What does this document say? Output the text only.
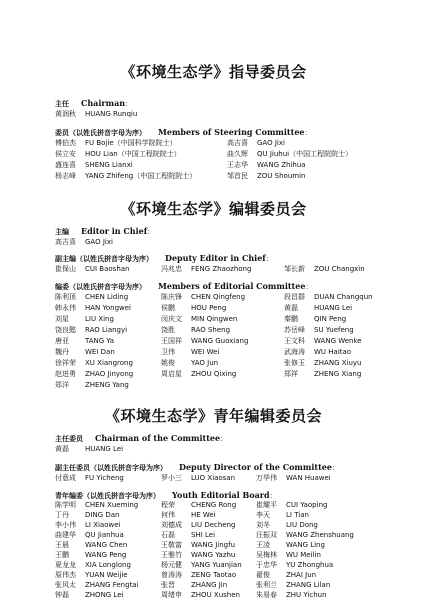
《环境生态学》指导委员会
主任 Chairman ：
黄润秋 HUANG Runqiu
委员（以姓氏拼音字母为序） Members of Steering Committee ：
傅伯杰 FU Bojie（中国科学院院士）	高吉喜 GAO Jixi
侯立安 HOU Lian（中国工程院院士）	曲久辉 QU Jiuhui（中国工程院院士）
盛连喜 SHENG Lianxi	王志华 WANG Zhihua
杨志峰 YANG Zhifeng（中国工程院院士）	邹首民 ZOU Shoumin
《环境生态学》编辑委员会
主编 Editor in Chief ：
高吉喜 GAO Jixi
副主编（以姓氏拼音字母为序） Deputy Editor in Chief ：
崔保山 CUI Baoshan	冯兆忠 FENG Zhaozhong	邹长新 ZOU Changxin
编委（以姓氏拼音字母为序） Members of Editorial Committee ：
陈利顶 CHEN Liding	陈庆锋 CHEN Qingfeng	段昌群 DUAN Changqun
韩永伟 HAN Yongwei	侯鹏 HOU Peng	黄磊 HUANG Lei
刘星 LIU Xing	闵庆文 MIN Qingwen	秦鹏 QIN Peng
饶良懿 RAO Liangyi	饶胜 RAO Sheng	苏岳峰 SU Yuefeng
唐亚 TANG Ya	王国祥 WANG Guoxiang	王文科 WANG Wenke
魏丹 WEI Dan	卫伟 WEI Wei	武海涛 WU Haitao
徐祥荣 XU Xiangrong	姚俊 YAO Jun	张修玉 ZHANG Xiuyu
赵进勇 ZHAO Jinyong	周启星 ZHOU Qixing	郑祥 ZHENG Xiang
郑洋 ZHENG Yang
《环境生态学》青年编辑委员会
主任委员 Chairman of the Committee ：
黄磊 HUANG Lei
副主任委员（以姓氏拼音字母为序） Deputy Director of the Committee ：
付意成 FU Yicheng	罗小三 LUO Xiaosan	万华伟 WAN Huawei
青年编委（以姓氏拼音字母为序） Youth Editorial Board ：
陈学明 CHEN Xueming	程荣 CHENG Rong	崔耀平 CUI Yaoping
丁丹 DING Dan	何伟 HE Wei	李天 LI Tian
李小伟 LI Xiaowei	刘德成 LIU Decheng	刘冬 LIU Dong
曲建华 QU Jianhua	石磊 SHI Lei	汪振双 WANG Zhenshuang
王晨 WANG Chen	王敬富 WANG Jingfu	王凌 WANG Ling
王鹏 WANG Peng	王雅竹 WANG Yazhu	吴梅林 WU Meilin
夏龙龙 XIA Longlong	杨元健 YANG Yuanjian 于忠华 YU Zhonghua
原伟杰 YUAN Weijie	曾涛涛 ZENG Taotao	翟俊 ZHAI Jun
张风太 ZHANG Fengtai	张晋 ZHANG Jin	张利兰 ZHANG Lilan
钟磊 ZHONG Lei	周绪申 ZHOU Xushen 朱易春 ZHU Yichun
